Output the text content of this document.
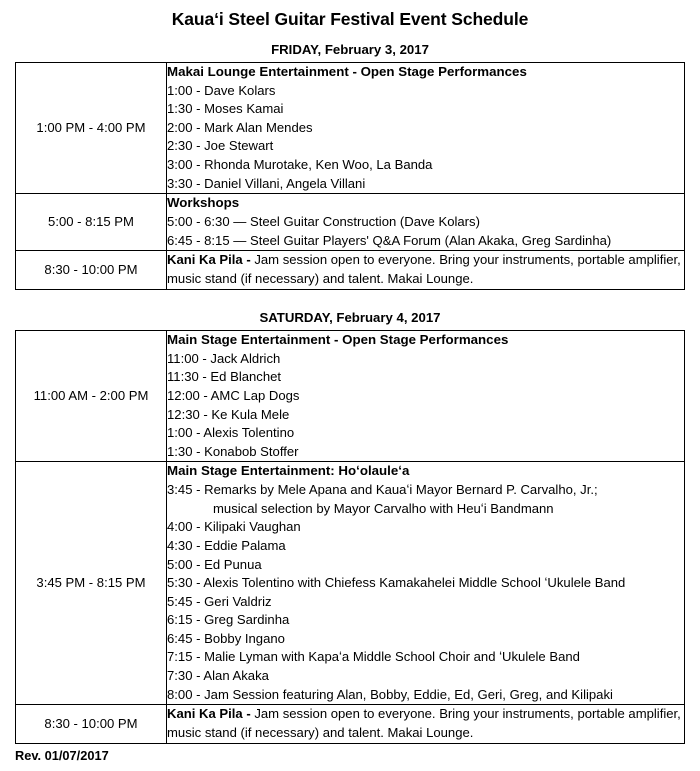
Kauaʻi Steel Guitar Festival Event Schedule
FRIDAY, February 3, 2017
1:00 PM - 4:00 PM	
Makai Lounge Entertainment - Open Stage Performances
1:00 - Dave Kolars
1:30 - Moses Kamai
2:00 - Mark Alan Mendes
2:30 - Joe Stewart
3:00 - Rhonda Murotake, Ken Woo, La Banda
3:30 - Daniel Villani, Angela Villani

5:00 - 8:15 PM	Workshops
5:00 - 6:30 — Steel Guitar Construction (Dave Kolars)
6:45 - 8:15 — Steel Guitar Players' Q&A Forum (Alan Akaka, Greg Sardinha)

8:30 - 10:00 PM	Kani Ka Pila - Jam session open to everyone. Bring your instruments, portable amplifier, music stand (if necessary) and talent. Makai Lounge.
SATURDAY, February 4, 2017
11:00 AM - 2:00 PM	
Main Stage Entertainment - Open Stage Performances
11:00 - Jack Aldrich
11:30 - Ed Blanchet
12:00 - AMC Lap Dogs
12:30 - Ke Kula Mele
1:00 - Alexis Tolentino
1:30 - Konabob Stoffer

3:45 PM - 8:15 PM	
Main Stage Entertainment: Hoʻolauleʻa
3:45 - Remarks by Mele Apana and Kauaʻi Mayor Bernard P. Carvalho, Jr.;
musical selection by Mayor Carvalho with Heuʻi Bandmann
4:00 - Kilipaki Vaughan
4:30 - Eddie Palama
5:00 - Ed Punua
5:30 - Alexis Tolentino with Chiefess Kamakahelei Middle School ʻUkulele Band
5:45 - Geri Valdriz
6:15 - Greg Sardinha
6:45 - Bobby Ingano
7:15 - Malie Lyman with Kapaʻa Middle School Choir and ʻUkulele Band
7:30 - Alan Akaka
8:00 - Jam Session featuring Alan, Bobby, Eddie, Ed, Geri, Greg, and Kilipaki

8:30 - 10:00 PM	Kani Ka Pila - Jam session open to everyone. Bring your instruments, portable amplifier, music stand (if necessary) and talent. Makai Lounge.
Rev. 01/07/2017
